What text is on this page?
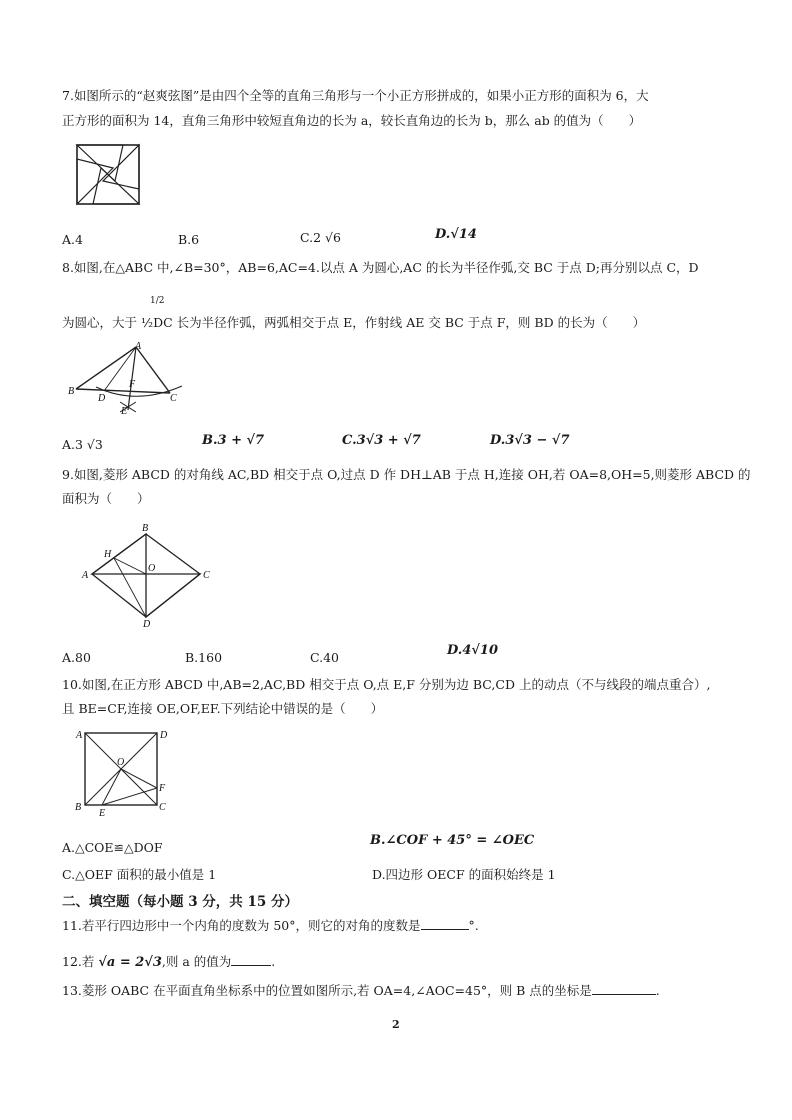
7.如图所示的“赵爽弦图”是由四个全等的直角三角形与一个小正方形拼成的，如果小正方形的面积为 6，大
正方形的面积为 14，直角三角形中较短直角边的长为 a，较长直角边的长为 b，那么 ab 的值为（　　）
A.4	B.6	C.2 √6	D.√14
8.如图,在△ABC 中,∠B=30°，AB=6,AC=4.以点 A 为圆心,AC 的长为半径作弧,交 BC 于点 D;再分别以点 C，D
1/2
为圆心，大于 ½DC 长为半径作弧，两弧相交于点 E，作射线 AE 交 BC 于点 F，则 BD 的长为（　　）
A
B
D
F
C
E
A.3 √3	B.3 + √7	C.3√3 + √7	D.3√3 − √7
9.如图,菱形 ABCD 的对角线 AC,BD 相交于点 O,过点 D 作 DH⊥AB 于点 H,连接 OH,若 OA=8,OH=5,则菱形 ABCD 的
面积为（　　）
B
H
A
O
C
D
A.80	B.160	C.40	D.4√10
10.如图,在正方形 ABCD 中,AB=2,AC,BD 相交于点 O,点 E,F 分别为边 BC,CD 上的动点（不与线段的端点重合）,
且 BE=CF,连接 OE,OF,EF.下列结论中错误的是（　　）
A	D
O
F
B
E
C
A.△COE≌△DOF	B.∠COF + 45° = ∠OEC
C.△OEF 面积的最小值是 1	D.四边形 OECF 的面积始终是 1
二、填空题（每小题 3 分，共 15 分）
11.若平行四边形中一个内角的度数为 50°，则它的对角的度数是	°.
12.若 √a = 2√3,则 a 的值为	.
13.菱形 OABC 在平面直角坐标系中的位置如图所示,若 OA=4,∠AOC=45°，则 B 点的坐标是	.
2
